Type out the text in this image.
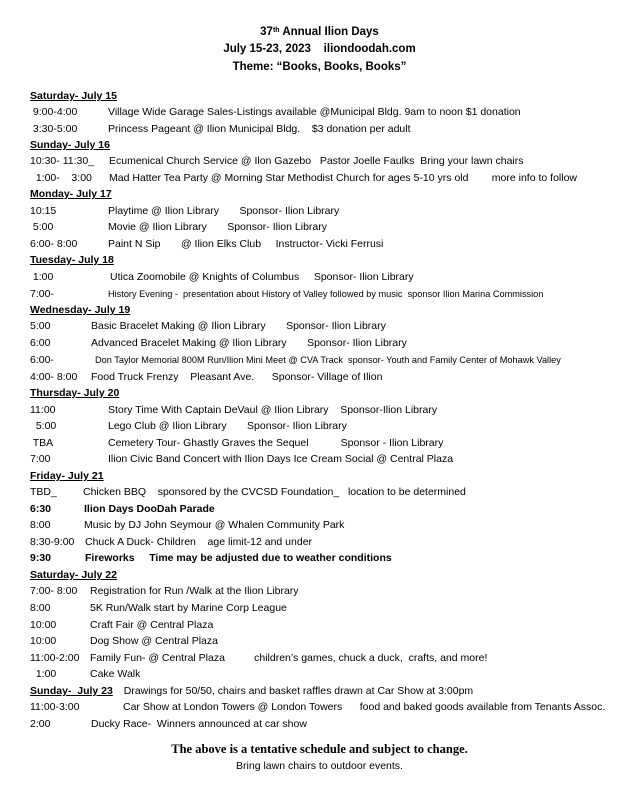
37th Annual Ilion Days
July 15-23, 2023    iliondoodah.com
Theme: “Books, Books, Books”
Saturday- July 15
9:00-4:00	Village Wide Garage Sales-Listings available @Municipal Bldg. 9am to noon $1 donation
3:30-5:00	Princess Pageant @ Ilion Municipal Bldg.    $3 donation per adult
Sunday- July 16
10:30- 11:30_ Ecumenical Church Service @ Ilon Gazebo   Pastor Joelle Faulks  Bring your lawn chairs
1:00-    3:00 Mad Hatter Tea Party @ Morning Star Methodist Church for ages 5-10 yrs old        more info to follow
Monday- July 17
10:15	Playtime @ Ilion Library       Sponsor- Ilion Library
5:00	Movie @ Ilion Library       Sponsor- Ilion Library
6:00- 8:00	Paint N Sip       @ Ilion Elks Club     Instructor- Vicki Ferrusi
Tuesday- July 18
1:00	Utica Zoomobile @ Knights of Columbus     Sponsor- Ilion Library
7:00-	History Evening -  presentation about History of Valley followed by music  sponsor Ilion Marina Commission
Wednesday- July 19
5:00	Basic Bracelet Making @ Ilion Library       Sponsor- Ilion Library
6:00	Advanced Bracelet Making @ Ilion Library       Sponsor- Ilion Library
6:00-	Don Taylor Memorial 800M Run/Ilion Mini Meet @ CVA Track  sponsor- Youth and Family Center of Mohawk Valley
4:00- 8:00 Food Truck Frenzy    Pleasant Ave.      Sponsor- Village of Ilion
Thursday- July 20
11:00	Story Time With Captain DeVaul @ Ilion Library    Sponsor-Ilion Library
5:00	Lego Club @ Ilion Library       Sponsor- Ilion Library
TBA	Cemetery Tour- Ghastly Graves the Sequel           Sponsor - Ilion Library
7:00	Ilion Civic Band Concert with Ilion Days Ice Cream Social @ Central Plaza
Friday- July 21
TBD_ Chicken BBQ    sponsored by the CVCSD Foundation_   location to be determined
6:30	Ilion Days DooDah Parade
8:00	Music by DJ John Seymour @ Whalen Community Park
8:30-9:00 Chuck A Duck- Children    age limit-12 and under
9:30	Fireworks     Time may be adjusted due to weather conditions
Saturday- July 22
7:00- 8:00 Registration for Run /Walk at the Ilion Library
8:00	5K Run/Walk start by Marine Corp League
10:00	Craft Fair @ Central Plaza
10:00	Dog Show @ Central Plaza
11:00-2:00 Family Fun- @ Central Plaza          children’s games, chuck a duck,  crafts, and more!
1:00	Cake Walk
Sunday-  July 23 Drawings for 50/50, chairs and basket raffles drawn at Car Show at 3:00pm
11:00-3:00	Car Show at London Towers @ London Towers      food and baked goods available from Tenants Assoc.
2:00	Ducky Race-  Winners announced at car show
The above is a tentative schedule and subject to change.
Bring lawn chairs to outdoor events.
